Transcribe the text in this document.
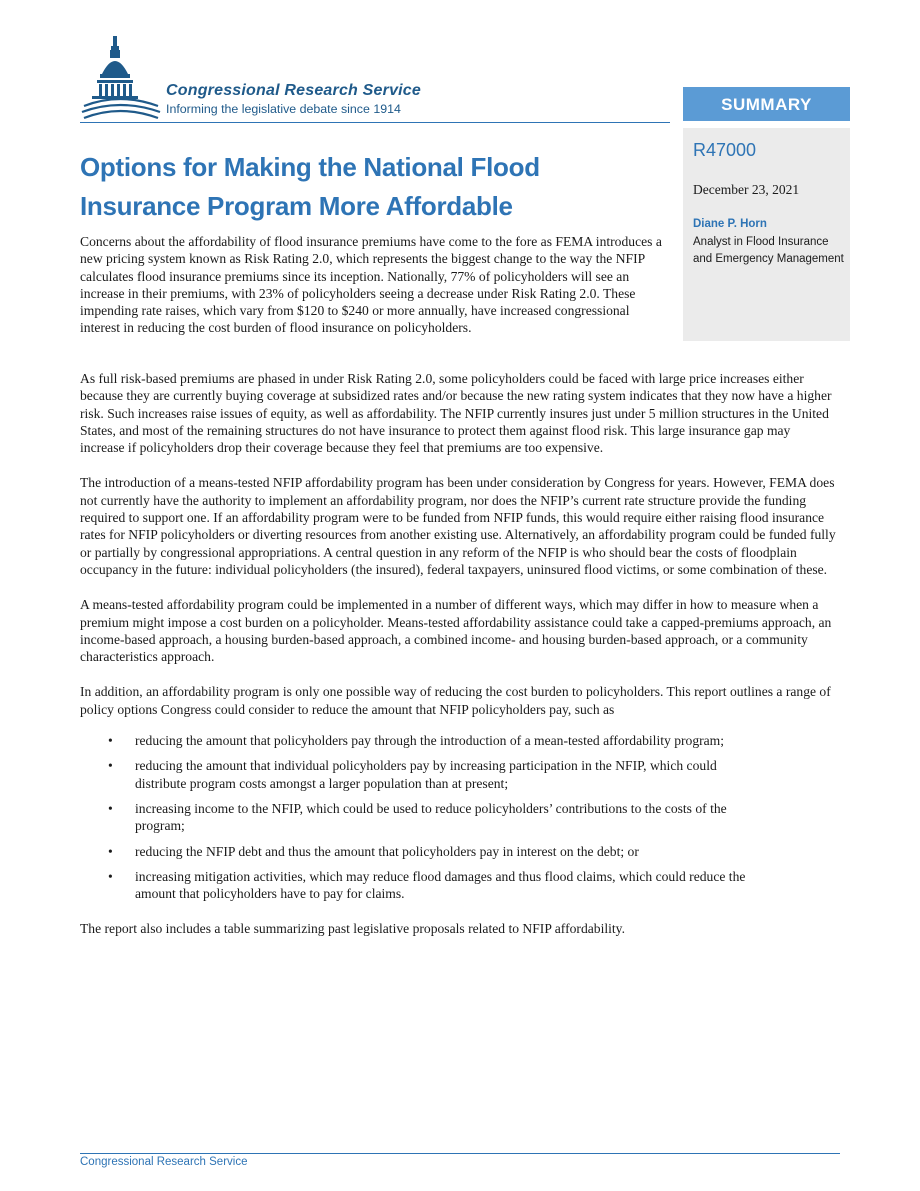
Congressional Research Service
Informing the legislative debate since 1914	SUMMARY
R47000
December 23, 2021
Diane P. Horn
Analyst in Flood Insurance and Emergency Management
Options for Making the National Flood Insurance Program More Affordable

Concerns about the affordability of flood insurance premiums have come to the fore as FEMA introduces a new pricing system known as Risk Rating 2.0, which represents the biggest change to the way the NFIP calculates flood insurance premiums since its inception. Nationally, 77% of policyholders will see an increase in their premiums, with 23% of policyholders seeing a decrease under Risk Rating 2.0. These impending rate raises, which vary from $120 to $240 or more annually, have increased congressional interest in reducing the cost burden of flood insurance on policyholders.

As full risk-based premiums are phased in under Risk Rating 2.0, some policyholders could be faced with large price increases either because they are currently buying coverage at subsidized rates and/or because the new rating system indicates that they now have a higher risk. Such increases raise issues of equity, as well as affordability. The NFIP currently insures just under 5 million structures in the United States, and most of the remaining structures do not have insurance to protect them against flood risk. This large insurance gap may increase if policyholders drop their coverage because they feel that premiums are too expensive.

The introduction of a means-tested NFIP affordability program has been under consideration by Congress for years. However, FEMA does not currently have the authority to implement an affordability program, nor does the NFIP’s current rate structure provide the funding required to support one. If an affordability program were to be funded from NFIP funds, this would require either raising flood insurance rates for NFIP policyholders or diverting resources from another existing use. Alternatively, an affordability program could be funded fully or partially by congressional appropriations. A central question in any reform of the NFIP is who should bear the costs of floodplain occupancy in the future: individual policyholders (the insured), federal taxpayers, uninsured flood victims, or some combination of these.

A means-tested affordability program could be implemented in a number of different ways, which may differ in how to measure when a premium might impose a cost burden on a policyholder. Means-tested affordability assistance could take a capped-premiums approach, an income-based approach, a housing burden-based approach, a combined income- and housing burden-based approach, or a community characteristics approach.

In addition, an affordability program is only one possible way of reducing the cost burden to policyholders. This report outlines a range of policy options Congress could consider to reduce the amount that NFIP policyholders pay, such as

• reducing the amount that policyholders pay through the introduction of a mean-tested affordability program;
• reducing the amount that individual policyholders pay by increasing participation in the NFIP, which could distribute program costs amongst a larger population than at present;
• increasing income to the NFIP, which could be used to reduce policyholders’ contributions to the costs of the program;
• reducing the NFIP debt and thus the amount that policyholders pay in interest on the debt; or
• increasing mitigation activities, which may reduce flood damages and thus flood claims, which could reduce the amount that policyholders have to pay for claims.

The report also includes a table summarizing past legislative proposals related to NFIP affordability.

Congressional Research Service
